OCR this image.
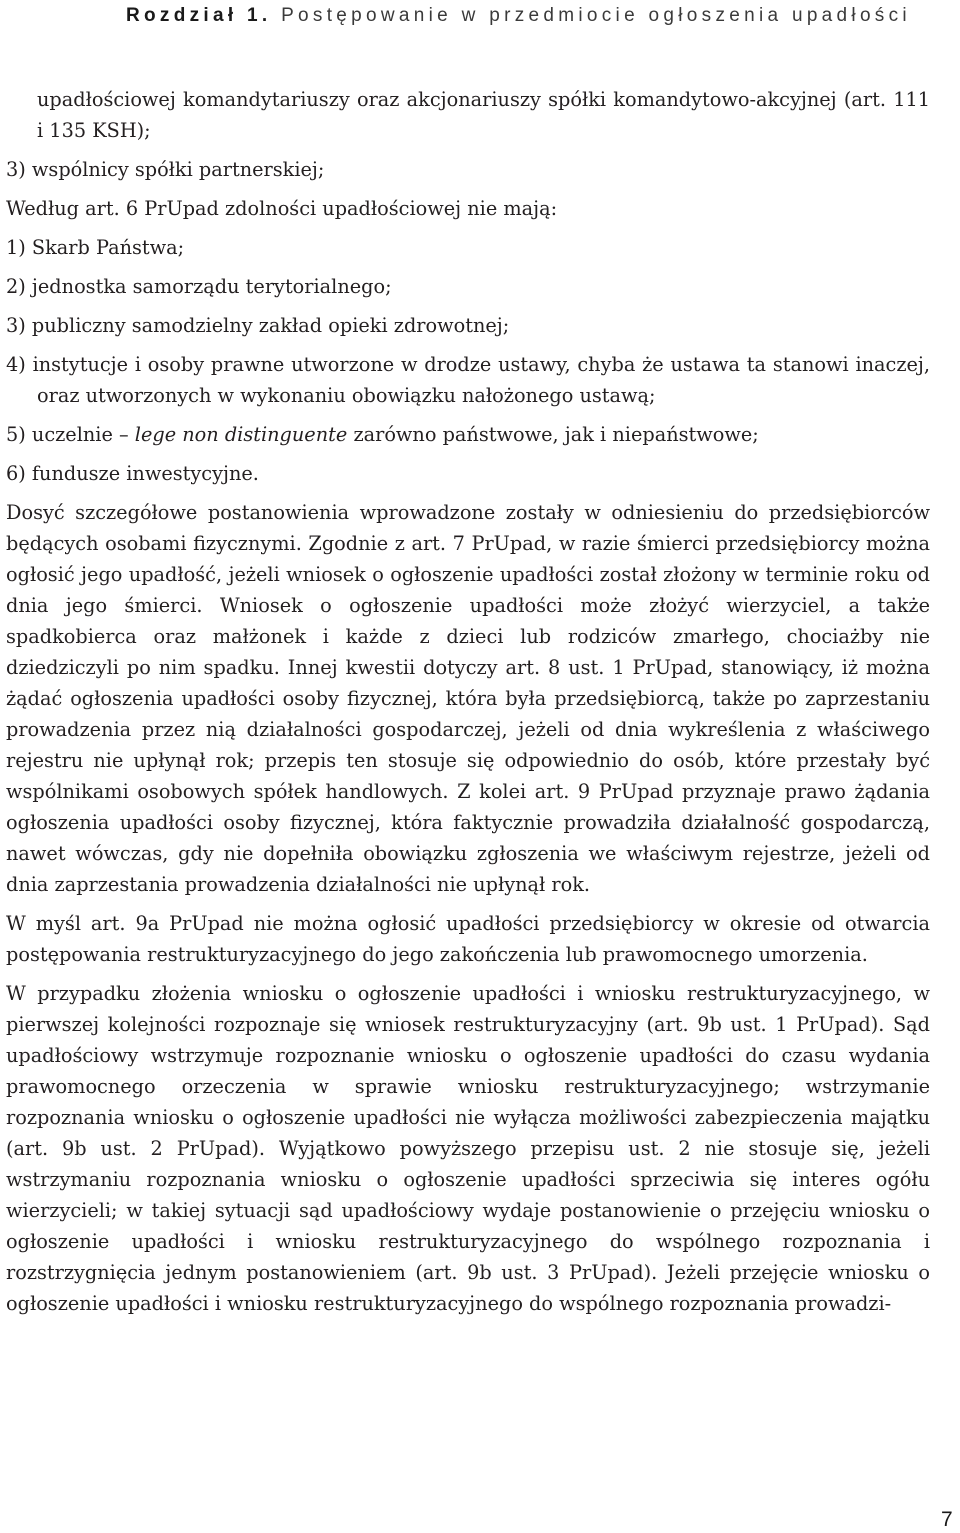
Rozdział 1. Postępowanie w przedmiocie ogłoszenia upadłości

upadłościowej komandytariuszy oraz akcjonariuszy spółki komandytowo-akcyjnej (art. 111 i 135 KSH);

3) wspólnicy spółki partnerskiej;

Według art. 6 PrUpad zdolności upadłościowej nie mają:

1) Skarb Państwa;

2) jednostka samorządu terytorialnego;

3) publiczny samodzielny zakład opieki zdrowotnej;

4) instytucje i osoby prawne utworzone w drodze ustawy, chyba że ustawa ta stanowi inaczej, oraz utworzonych w wykonaniu obowiązku nałożonego ustawą;

5) uczelnie – lege non distinguente zarówno państwowe, jak i niepaństwowe;

6) fundusze inwestycyjne.

Dosyć szczegółowe postanowienia wprowadzone zostały w odniesieniu do przedsiębiorców będących osobami fizycznymi. Zgodnie z art. 7 PrUpad, w razie śmierci przedsiębiorcy można ogłosić jego upadłość, jeżeli wniosek o ogłoszenie upadłości został złożony w terminie roku od dnia jego śmierci. Wniosek o ogłoszenie upadłości może złożyć wierzyciel, a także spadkobierca oraz małżonek i każde z dzieci lub rodziców zmarłego, chociażby nie dziedziczyli po nim spadku. Innej kwestii dotyczy art. 8 ust. 1 PrUpad, stanowiący, iż można żądać ogłoszenia upadłości osoby fizycznej, która była przedsiębiorcą, także po zaprzestaniu prowadzenia przez nią działalności gospodarczej, jeżeli od dnia wykreślenia z właściwego rejestru nie upłynął rok; przepis ten stosuje się odpowiednio do osób, które przestały być wspólnikami osobowych spółek handlowych. Z kolei art. 9 PrUpad przyznaje prawo żądania ogłoszenia upadłości osoby fizycznej, która faktycznie prowadziła działalność gospodarczą, nawet wówczas, gdy nie dopełniła obowiązku zgłoszenia we właściwym rejestrze, jeżeli od dnia zaprzestania prowadzenia działalności nie upłynął rok.

W myśl art. 9a PrUpad nie można ogłosić upadłości przedsiębiorcy w okresie od otwarcia postępowania restrukturyzacyjnego do jego zakończenia lub prawomocnego umorzenia.

W przypadku złożenia wniosku o ogłoszenie upadłości i wniosku restrukturyzacyjnego, w pierwszej kolejności rozpoznaje się wniosek restrukturyzacyjny (art. 9b ust. 1 PrUpad). Sąd upadłościowy wstrzymuje rozpoznanie wniosku o ogłoszenie upadłości do czasu wydania prawomocnego orzeczenia w sprawie wniosku restrukturyzacyjnego; wstrzymanie rozpoznania wniosku o ogłoszenie upadłości nie wyłącza możliwości zabezpieczenia majątku (art. 9b ust. 2 PrUpad). Wyjątkowo powyższego przepisu ust. 2 nie stosuje się, jeżeli wstrzymaniu rozpoznania wniosku o ogłoszenie upadłości sprzeciwia się interes ogółu wierzycieli; w takiej sytuacji sąd upadłościowy wydaje postanowienie o przejęciu wniosku o ogłoszenie upadłości i wniosku restrukturyzacyjnego do wspólnego rozpoznania i rozstrzygnięcia jednym postanowieniem (art. 9b ust. 3 PrUpad). Jeżeli przejęcie wniosku o ogłoszenie upadłości i wniosku restrukturyzacyjnego do wspólnego rozpoznania prowadzi-

7
